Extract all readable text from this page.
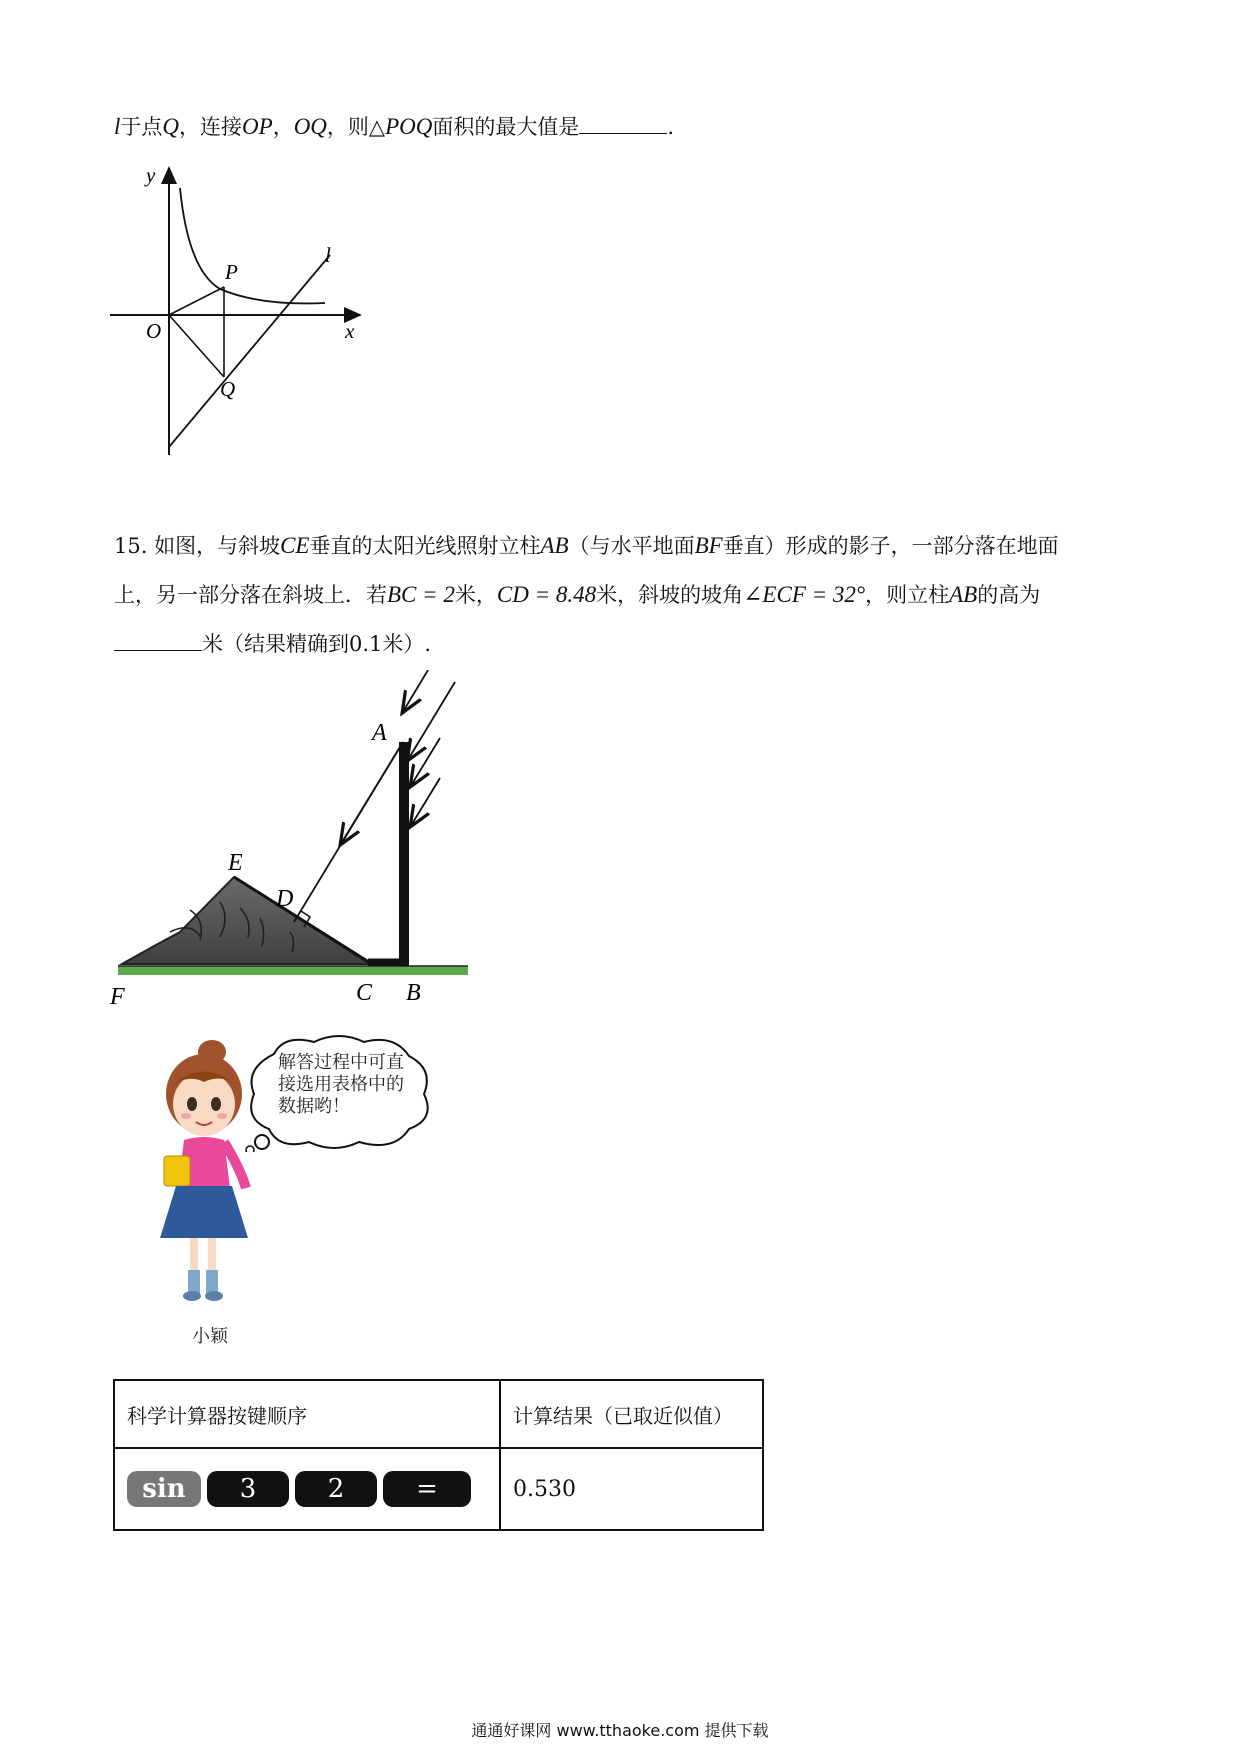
l于点Q，连接OP，OQ，则△POQ面积的最大值是	.
y
x
O
P
Q
l
15. 如图，与斜坡CE垂直的太阳光线照射立柱AB（与水平地面BF垂直）形成的影子，一部分落在地面
上，另一部分落在斜坡上．若BC = 2米，CD = 8.48米，斜坡的坡角∠ECF = 32°，则立柱AB的高为
米（结果精确到0.1米）.
A
E
D
F	C B
解答过程中可直接选用表格中的数据哟！
小颖
科学计算器按键顺序	计算结果（已取近似值）
sin 3 2 =	0.530
通通好课网 www.tthaoke.com 提供下载
